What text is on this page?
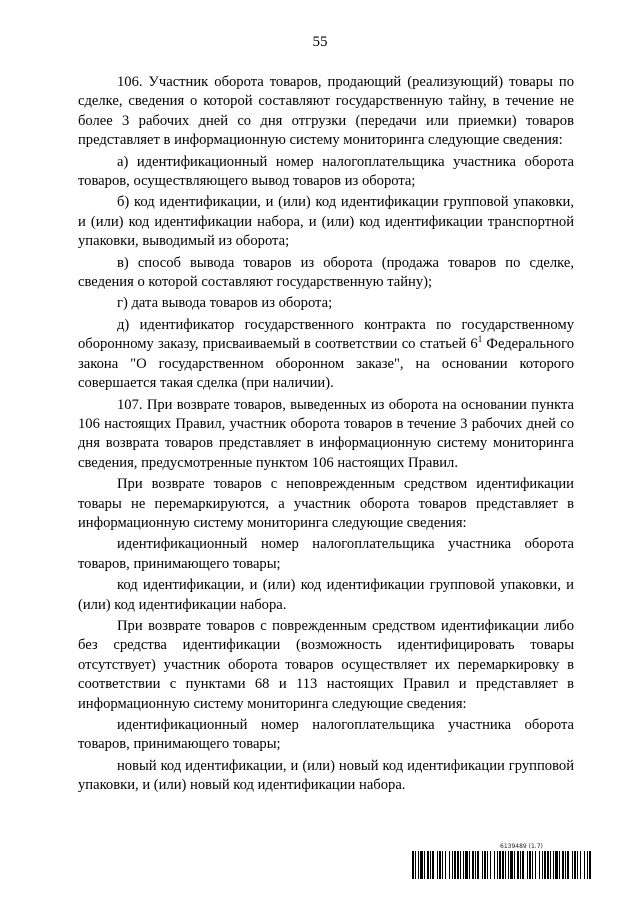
55

106. Участник оборота товаров, продающий (реализующий) товары по сделке, сведения о которой составляют государственную тайну, в течение не более 3 рабочих дней со дня отгрузки (передачи или приемки) товаров представляет в информационную систему мониторинга следующие сведения:

а) идентификационный номер налогоплательщика участника оборота товаров, осуществляющего вывод товаров из оборота;

б) код идентификации, и (или) код идентификации групповой упаковки, и (или) код идентификации набора, и (или) код идентификации транспортной упаковки, выводимый из оборота;

в) способ вывода товаров из оборота (продажа товаров по сделке, сведения о которой составляют государственную тайну);

г) дата вывода товаров из оборота;

д) идентификатор государственного контракта по государственному оборонному заказу, присваиваемый в соответствии со статьей $6^1$ Федерального закона "О государственном оборонном заказе", на основании которого совершается такая сделка (при наличии).

107. При возврате товаров, выведенных из оборота на основании пункта 106 настоящих Правил, участник оборота товаров в течение 3 рабочих дней со дня возврата товаров представляет в информационную систему мониторинга сведения, предусмотренные пунктом 106 настоящих Правил.

При возврате товаров с неповрежденным средством идентификации товары не перемаркируются, а участник оборота товаров представляет в информационную систему мониторинга следующие сведения:

идентификационный номер налогоплательщика участника оборота товаров, принимающего товары;

код идентификации, и (или) код идентификации групповой упаковки, и (или) код идентификации набора.

При возврате товаров с поврежденным средством идентификации либо без средства идентификации (возможность идентифицировать товары отсутствует) участник оборота товаров осуществляет их перемаркировку в соответствии с пунктами 68 и 113 настоящих Правил и представляет в информационную систему мониторинга следующие сведения:

идентификационный номер налогоплательщика участника оборота товаров, принимающего товары;

новый код идентификации, и (или) новый код идентификации групповой упаковки, и (или) новый код идентификации набора.

6139489 (1.7)
